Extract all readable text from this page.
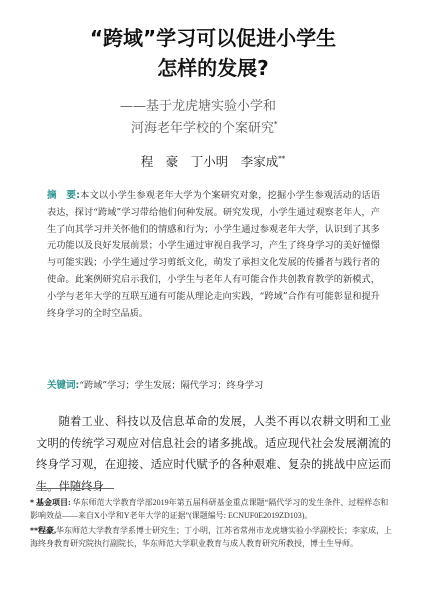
“跨域”学习可以促进小学生
怎样的发展?
——基于龙虎塘实验小学和
河海老年学校的个案研究*
程　豪　丁小明　李家成**
摘　要:本文以小学生参观老年大学为个案研究对象，挖掘小学生参观活动的话语表达，探讨“跨域”学习带给他们何种发展。研究发现，小学生通过观察老年人，产生了向其学习并关怀他们的情感和行为；小学生通过参观老年大学，认识到了其多元功能以及良好发展前景；小学生通过审视自我学习，产生了终身学习的美好憧憬与可能实践；小学生通过学习剪纸文化，萌发了承担文化发展的传播者与践行者的使命。此案例研究启示我们，小学生与老年人有可能合作共创教育教学的新模式，小学与老年大学的互联互通有可能从理论走向实践，“跨域”合作有可能彰显和提升终身学习的全时空品质。
关键词:“跨域”学习；学生发展；隔代学习；终身学习
随着工业、科技以及信息革命的发展，人类不再以农耕文明和工业文明的传统学习观应对信息社会的诸多挑战。适应现代社会发展潮流的终身学习观，在迎接、适应时代赋予的各种艰难、复杂的挑战中应运而生。伴随终身
* 基金项目: 华东师范大学教育学部2019年第五届科研基金重点课题“隔代学习的发生条件、过程样态和影响效益——来自X小学和Y老年大学的证据”(课题编号: ECNUF0E2019ZD103)。
**程豪,华东师范大学教育学系博士研究生；丁小明，江苏省常州市龙虎塘实验小学副校长；李家成，上海终身教育研究院执行副院长，华东师范大学职业教育与成人教育研究所教授，博士生导师。
